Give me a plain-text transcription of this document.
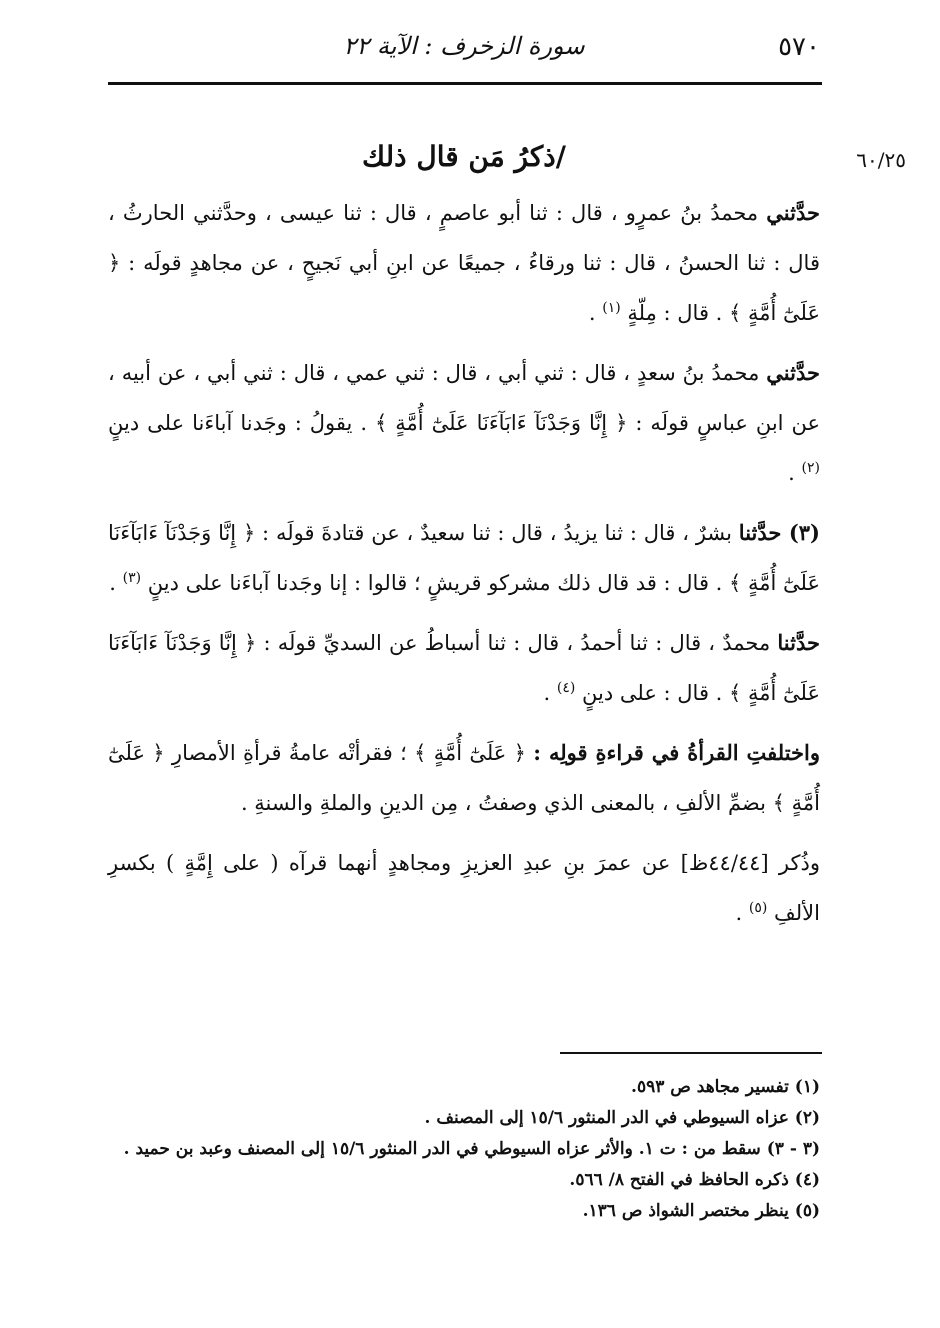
٥٧٠
سورة الزخرف : الآية ٢٢
٦٠/٢٥
/ذكرُ مَن قال ذلك

حدَّثني محمدُ بنُ عمرٍو ، قال : ثنا أبو عاصمٍ ، قال : ثنا عيسى ، وحدَّثني الحارثُ ، قال : ثنا الحسنُ ، قال : ثنا ورقاءُ ، جميعًا عن ابنِ أبي نَجيحٍ ، عن مجاهدٍ قولَه : ﴿ عَلَىٰٓ أُمَّةٍ ﴾ . قال : مِلّةٍ $^{(١)}$ .

حدَّثني محمدُ بنُ سعدٍ ، قال : ثني أبي ، قال : ثني عمي ، قال : ثني أبي ، عن أبيه ، عن ابنِ عباسٍ قولَه : ﴿ إِنَّا وَجَدْنَآ ءَابَآءَنَا عَلَىٰٓ أُمَّةٍ ﴾ . يقولُ : وجَدنا آباءَنا على دينٍ $^{(٢)}$ .

(٣) حدَّثنا بشرٌ ، قال : ثنا يزيدُ ، قال : ثنا سعيدٌ ، عن قتادةَ قولَه : ﴿ إِنَّا وَجَدْنَآ ءَابَآءَنَا عَلَىٰٓ أُمَّةٍ ﴾ . قال : قد قال ذلك مشركو قريشٍ ؛ قالوا : إنا وجَدنا آباءَنا على دينٍ $^{(٣)}$ .

حدَّثنا محمدٌ ، قال : ثنا أحمدُ ، قال : ثنا أسباطُ عن السديِّ قولَه : ﴿ إِنَّا وَجَدْنَآ ءَابَآءَنَا عَلَىٰٓ أُمَّةٍ ﴾ . قال : على دينٍ $^{(٤)}$ .

واختلفتِ القرأةُ في قراءةِ قولِه : ﴿ عَلَىٰٓ أُمَّةٍ ﴾ ؛ فقرأتْه عامةُ قرأةِ الأمصارِ ﴿ عَلَىٰٓ أُمَّةٍ ﴾ بضمِّ الألفِ ، بالمعنى الذي وصفتُ ، مِن الدينِ والملةِ والسنةِ .

وذُكر [٤٤/٤٤ظ] عن عمرَ بنِ عبدِ العزيزِ ومجاهدٍ أنهما قرآه ( على إِمَّةٍ ) بكسرِ الألفِ $^{(٥)}$ .

(١) تفسير مجاهد ص ٥٩٣.
(٢) عزاه السيوطي في الدر المنثور ١٥/٦ إلى المصنف .
(٣ - ٣) سقط من : ت ١. والأثر عزاه السيوطي في الدر المنثور ١٥/٦ إلى المصنف وعبد بن حميد .
(٤) ذكره الحافظ في الفتح ٨/ ٥٦٦.
(٥) ينظر مختصر الشواذ ص ١٣٦.
